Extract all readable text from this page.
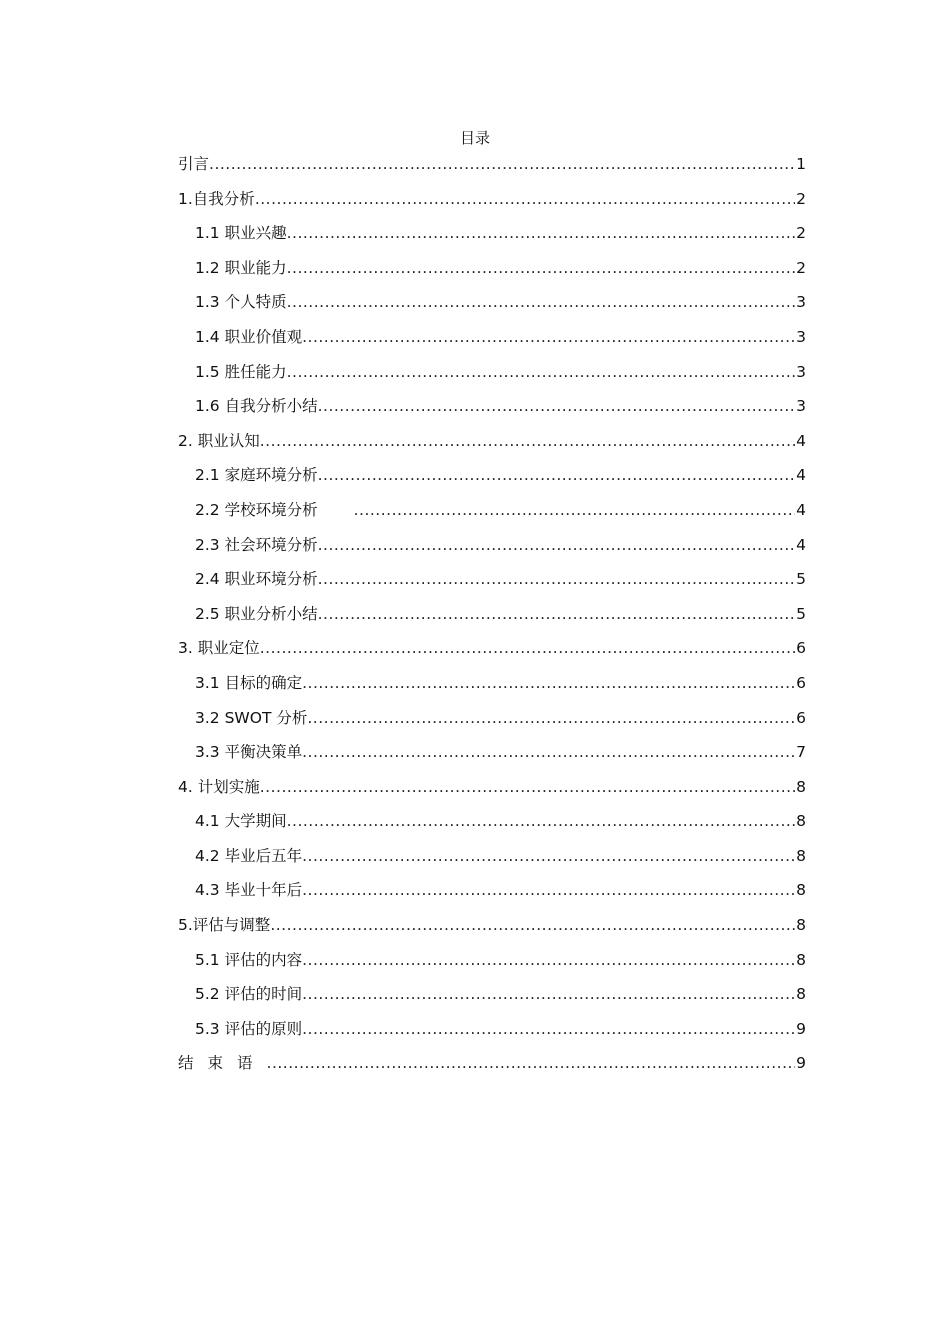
目录
引言 .....	1
1.自我分析 .....	2
1.1 职业兴趣 .....	2
1.2 职业能力 .....	2
1.3 个人特质 .....	3
1.4 职业价值观 .....	3
1.5 胜任能力 .....	3
1.6 自我分析小结 .....	3
2. 职业认知 .....	4
2.1 家庭环境分析 .....	4
2.2 学校环境分析 .....	4
2.3 社会环境分析 .....	4
2.4 职业环境分析 .....	5
2.5 职业分析小结 .....	5
3. 职业定位 .....	6
3.1 目标的确定 .....	6
3.2 SWOT 分析 .....	6
3.3 平衡决策单 .....	7
4. 计划实施 .....	8
4.1 大学期间 .....	8
4.2 毕业后五年 .....	8
4.3 毕业十年后 .....	8
5.评估与调整 .....	8
5.1 评估的内容 .....	8
5.2 评估的时间 .....	8
5.3 评估的原则 .....	9
结束语 .....	9
